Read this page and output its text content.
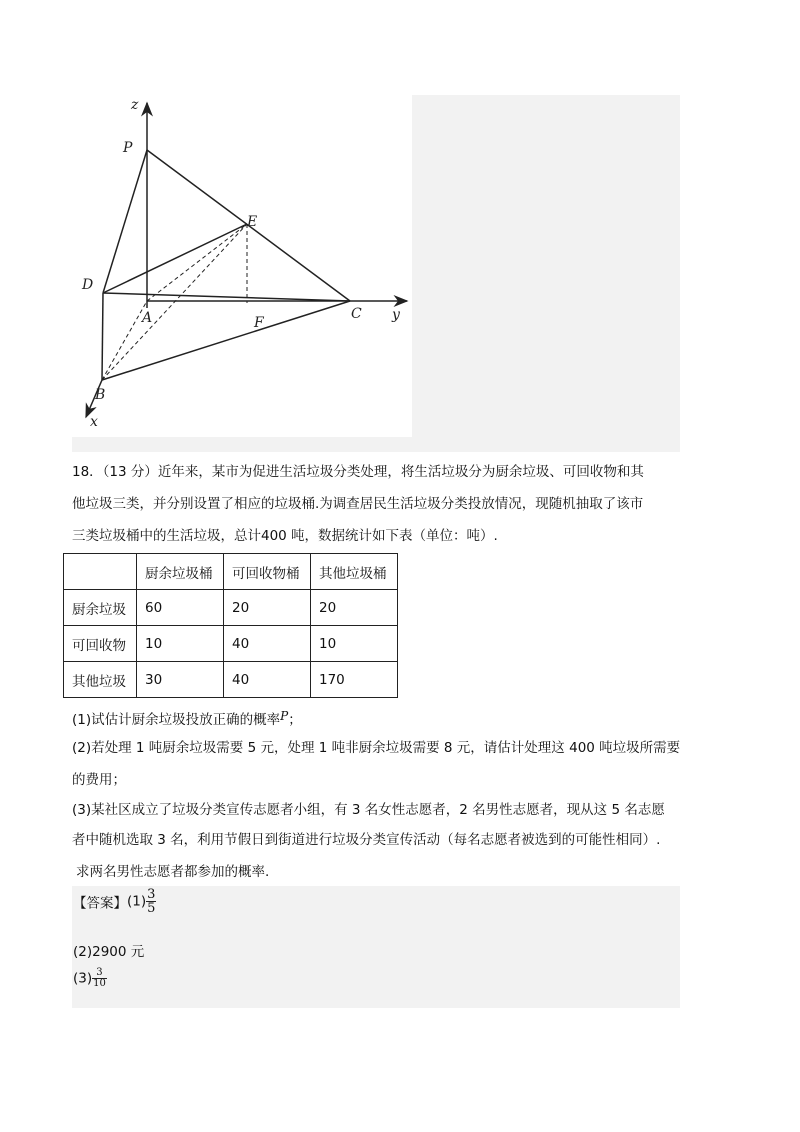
z
P
E
D
A	F
C y
B
x
18．（13 分）近年来，某市为促进生活垃圾分类处理，将生活垃圾分为厨余垃圾、可回收物和其
他垃圾三类，并分别设置了相应的垃圾桶.为调查居民生活垃圾分类投放情况，现随机抽取了该市
三类垃圾桶中的生活垃圾，总计400 吨，数据统计如下表（单位：吨）.
	厨余垃圾桶	可回收物桶	其他垃圾桶
厨余垃圾	60	20	20
可回收物	10	40	10
其他垃圾	30	40	170
(1)试估计厨余垃圾投放正确的概率P；
(2)若处理 1 吨厨余垃圾需要 5 元，处理 1 吨非厨余垃圾需要 8 元，请估计处理这 400 吨垃圾所需要
的费用；
(3)某社区成立了垃圾分类宣传志愿者小组，有 3 名女性志愿者，2 名男性志愿者，现从这 5 名志愿
者中随机选取 3 名，利用节假日到街道进行垃圾分类宣传活动（每名志愿者被选到的可能性相同）.
求两名男性志愿者都参加的概率.
【答案】$(1) \frac{3}{5}$
(2)2900 元
$(3) \frac{3}{10}$
